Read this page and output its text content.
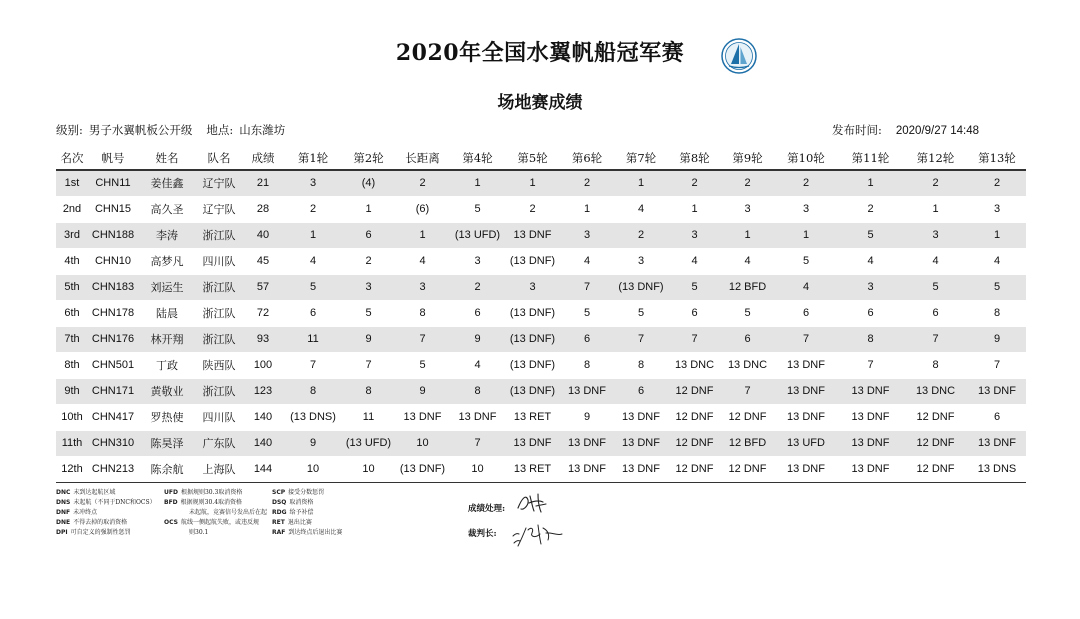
2020年全国水翼帆船冠军赛
场地赛成绩
级别: 男子水翼帆板公开级 地点: 山东潍坊	发布时间: 2020/9/27 14:48
名次	帆号	姓名	队名	成绩	第1轮	第2轮	长距离	第4轮	第5轮	第6轮	第7轮	第8轮	第9轮	第10轮	第11轮	第12轮	第13轮
1st	CHN11	姜佳鑫	辽宁队	21	3	(4)	2	1	1	2	1	2	2	2	1	2	2
2nd	CHN15	高久圣	辽宁队	28	2	1	(6)	5	2	1	4	1	3	3	2	1	3
3rd	CHN188	李涛	浙江队	40	1	6	1	(13 UFD)	13 DNF	3	2	3	1	1	5	3	1
4th	CHN10	高梦凡	四川队	45	4	2	4	3	(13 DNF)	4	3	4	4	5	4	4	4
5th	CHN183	刘运生	浙江队	57	5	3	3	2	3	7	(13 DNF)	5	12 BFD	4	3	5	5
6th	CHN178	陆晨	浙江队	72	6	5	8	6	(13 DNF)	5	5	6	5	6	6	6	8
7th	CHN176	林开翔	浙江队	93	11	9	7	9	(13 DNF)	6	7	7	6	7	8	7	9
8th	CHN501	丁政	陕西队	100	7	7	5	4	(13 DNF)	8	8	13 DNC	13 DNC	13 DNF	7	8	7
9th	CHN171	黄敬业	浙江队	123	8	8	9	8	(13 DNF)	13 DNF	6	12 DNF	7	13 DNF	13 DNF	13 DNC	13 DNF
10th	CHN417	罗热使	四川队	140	(13 DNS)	11	13 DNF	13 DNF	13 RET	9	13 DNF	12 DNF	12 DNF	13 DNF	13 DNF	12 DNF	6
11th	CHN310	陈昊泽	广东队	140	9	(13 UFD)	10	7	13 DNF	13 DNF	13 DNF	12 DNF	12 BFD	13 UFD	13 DNF	12 DNF	13 DNF
12th	CHN213	陈余航	上海队	144	10	10	(13 DNF)	10	13 RET	13 DNF	13 DNF	12 DNF	12 DNF	13 DNF	13 DNF	12 DNF	13 DNS
DNC 未到达起航区域
DNS 未起航（不同于DNC和OCS）
DNF 未冲终点
DNE 不得去掉的取消资格
DPI 可自定义的强制性惩罚
UFD 根据规则30.3取消资格
BFD 根据规则30.4取消资格
未起航，竞赛信号发出后在起
OCS 航线一侧起航失败，或违反规
则30.1
SCP 接受分数惩罚
DSQ 取消资格
RDG 给予补偿
RET 退出比赛
RAF 到达终点后退出比赛
成绩处理:
裁判长:
